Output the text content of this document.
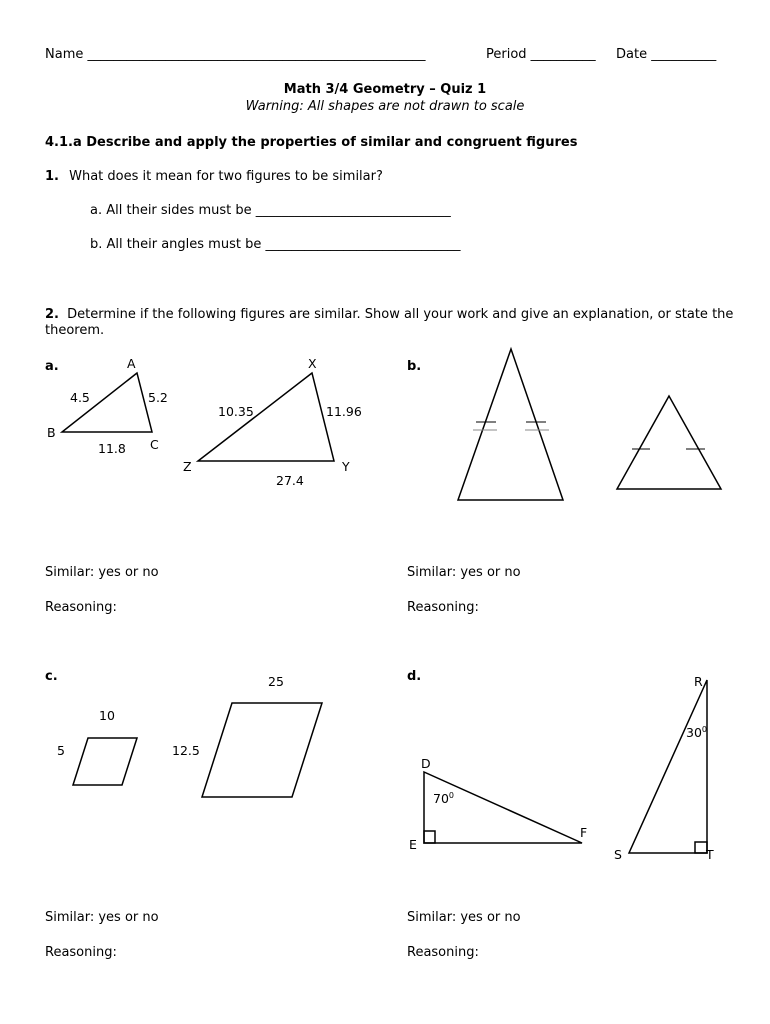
Name ____________________________________________________	Period __________ Date __________
Math 3/4 Geometry – Quiz 1
Warning: All shapes are not drawn to scale
4.1.a Describe and apply the properties of similar and congruent figures
1. What does it mean for two figures to be similar?
a. All their sides must be ______________________________
b. All their angles must be ______________________________
2. Determine if the following figures are similar. Show all your work and give an explanation, or state the
theorem.
a.	b.
c.	d.
Similar: yes or no
Reasoning:
Similar: yes or no
Reasoning:
Similar: yes or no
Reasoning:
Similar: yes or no
Reasoning:
A
B
C
4.5	5.2
11.8
X
Y
Z
10.35	11.96
27.4
10
5
25
12.5
D
E
F
$70^0$
R
S	T
$30^0$
